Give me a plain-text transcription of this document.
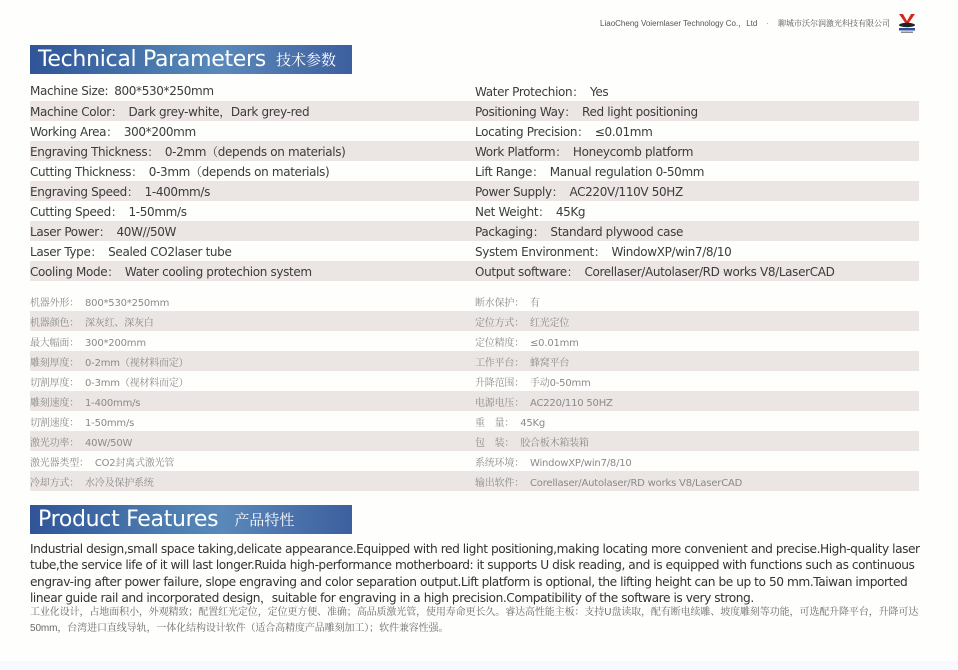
LiaoCheng Voiernlaser Technology Co.，Ltd · 聊城市沃尔润激光科技有限公司
Technical Parameters 技术参数
Machine Size: 800*530*250mm	Water Protechion： Yes
Machine Color： Dark grey-white，Dark grey-red	Positioning Way： Red light positioning
Working Area： 300*200mm	Locating Precision： ≤0.01mm
Engraving Thickness： 0-2mm（depends on materials)	Work Platform： Honeycomb platform
Cutting Thickness： 0-3mm（depends on materials)	Lift Range： Manual regulation 0-50mm
Engraving Speed： 1-400mm/s	Power Supply： AC220V/110V 50HZ
Cutting Speed： 1-50mm/s	Net Weight： 45Kg
Laser Power： 40W//50W	Packaging： Standard plywood case
Laser Type： Sealed CO2laser tube	System Environment： WindowXP/win7/8/10
Cooling Mode： Water cooling protechion system	Output software： Corellaser/Autolaser/RD works V8/LaserCAD
机器外形： 800*530*250mm	断水保护： 有
机器颜色： 深灰红、深灰白	定位方式： 红光定位
最大幅面： 300*200mm	定位精度： ≤0.01mm
雕刻厚度： 0-2mm（视材料而定）	工作平台： 蜂窝平台
切割厚度： 0-3mm（视材料而定）	升降范围： 手动0-50mm
雕刻速度： 1-400mm/s	电源电压： AC220/110 50HZ
切割速度： 1-50mm/s	重　量： 45Kg
激光功率： 40W/50W	包　装： 胶合板木箱装箱
激光器类型： CO2封离式激光管	系统环境： WindowXP/win7/8/10
冷却方式： 水冷及保护系统	输出软件： Corellaser/Autolaser/RD works V8/LaserCAD
Product Features 产品特性

Industrial design,small space taking,delicate appearance.Equipped with red light positioning,making locating more convenient and precise.High-quality laser tube,the service life of it will last longer.Ruida high-performance motherboard: it supports U disk reading, and is equipped with functions such as continuous engrav-ing after power failure, slope engraving and color separation output.Lift platform is optional, the lifting height can be up to 50 mm.Taiwan imported linear guide rail and incorporated design，suitable for engraving in a high precision.Compatibility of the software is very strong.

工业化设计，占地面积小，外观精致；配置红光定位，定位更方便、准确；高品质激光管，使用寿命更长久。睿达高性能主板：支持U盘读取，配有断电续雕、坡度雕刻等功能，可选配升降平台，升降可达50mm，台湾进口直线导轨，一体化结构设计软件（适合高精度产品雕刻加工）；软件兼容性强。
